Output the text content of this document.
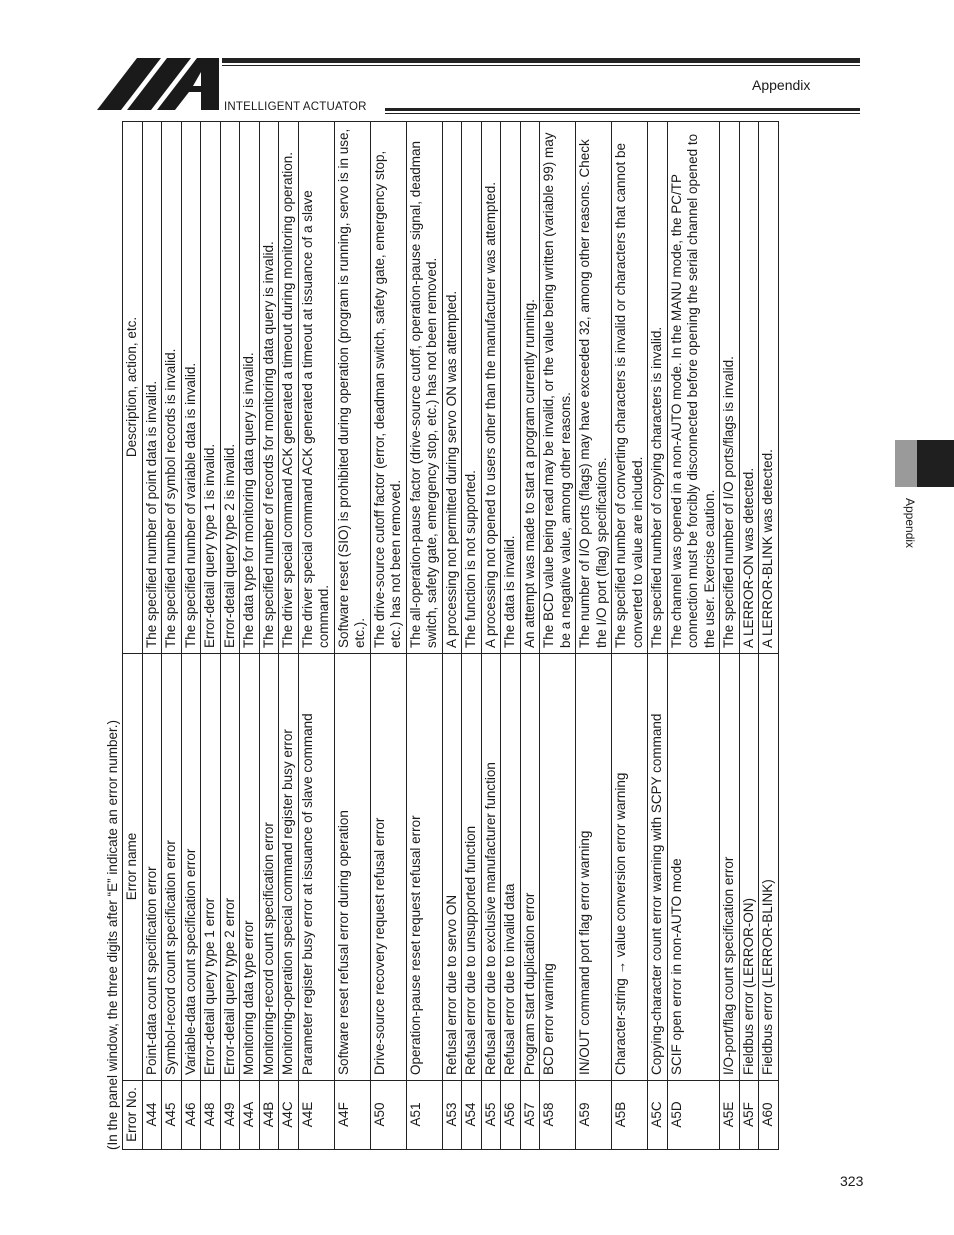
INTELLIGENT ACTUATOR
Appendix
Appendix
(In the panel window, the three digits after “E” indicate an error number.) Error No.	Error name	Description, action, etc.
A44	Point-data count specification error	The specified number of point data is invalid.
A45	Symbol-record count specification error	The specified number of symbol records is invalid.
A46	Variable-data count specification error	The specified number of variable data is invalid.
A48	Error-detail query type 1 error	Error-detail query type 1 is invalid.
A49	Error-detail query type 2 error	Error-detail query type 2 is invalid.
A4A	Monitoring data type error	The data type for monitoring data query is invalid.
A4B	Monitoring-record count specification error	The specified number of records for monitoring data query is invalid.
A4C	Monitoring-operation special command register busy error	The driver special command ACK generated a timeout during monitoring operation.
A4E	Parameter register busy error at issuance of slave command	The driver special command ACK generated a timeout at issuance of a slave command.
A4F	Software reset refusal error during operation	Software reset (SIO) is prohibited during operation (program is running, servo is in use, etc.).
A50	Drive-source recovery request refusal error	The drive-source cutoff factor (error, deadman switch, safety gate, emergency stop, etc.) has not been removed.
A51	Operation-pause reset request refusal error	The all-operation-pause factor (drive-source cutoff, operation-pause signal, deadman switch, safety gate, emergency stop, etc.) has not been removed.
A53	Refusal error due to servo ON	A processing not permitted during servo ON was attempted.
A54	Refusal error due to unsupported function	The function is not supported.
A55	Refusal error due to exclusive manufacturer function	A processing not opened to users other than the manufacturer was attempted.
A56	Refusal error due to invalid data	The data is invalid.
A57	Program start duplication error	An attempt was made to start a program currently running.
A58	BCD error warning	The BCD value being read may be invalid, or the value being written (variable 99) may be a negative value, among other reasons.
A59	IN/OUT command port flag error warning	The number of I/O ports (flags) may have exceeded 32, among other reasons. Check the I/O port (flag) specifications.
A5B	Character-string → value conversion error warning	The specified number of converting characters is invalid or characters that cannot be converted to value are included.
A5C	Copying-character count error warning with SCPY command	The specified number of copying characters is invalid.
A5D	SCIF open error in non-AUTO mode	The channel was opened in a non-AUTO mode. In the MANU mode, the PC/TP connection must be forcibly disconnected before opening the serial channel opened to the user. Exercise caution.
A5E	I/O-port/flag count specification error	The specified number of I/O ports/flags is invalid.
A5F	Fieldbus error (LERROR-ON)	A LERROR-ON was detected.
A60	Fieldbus error (LERROR-BLINK)	A LERROR-BLINK was detected.
323
